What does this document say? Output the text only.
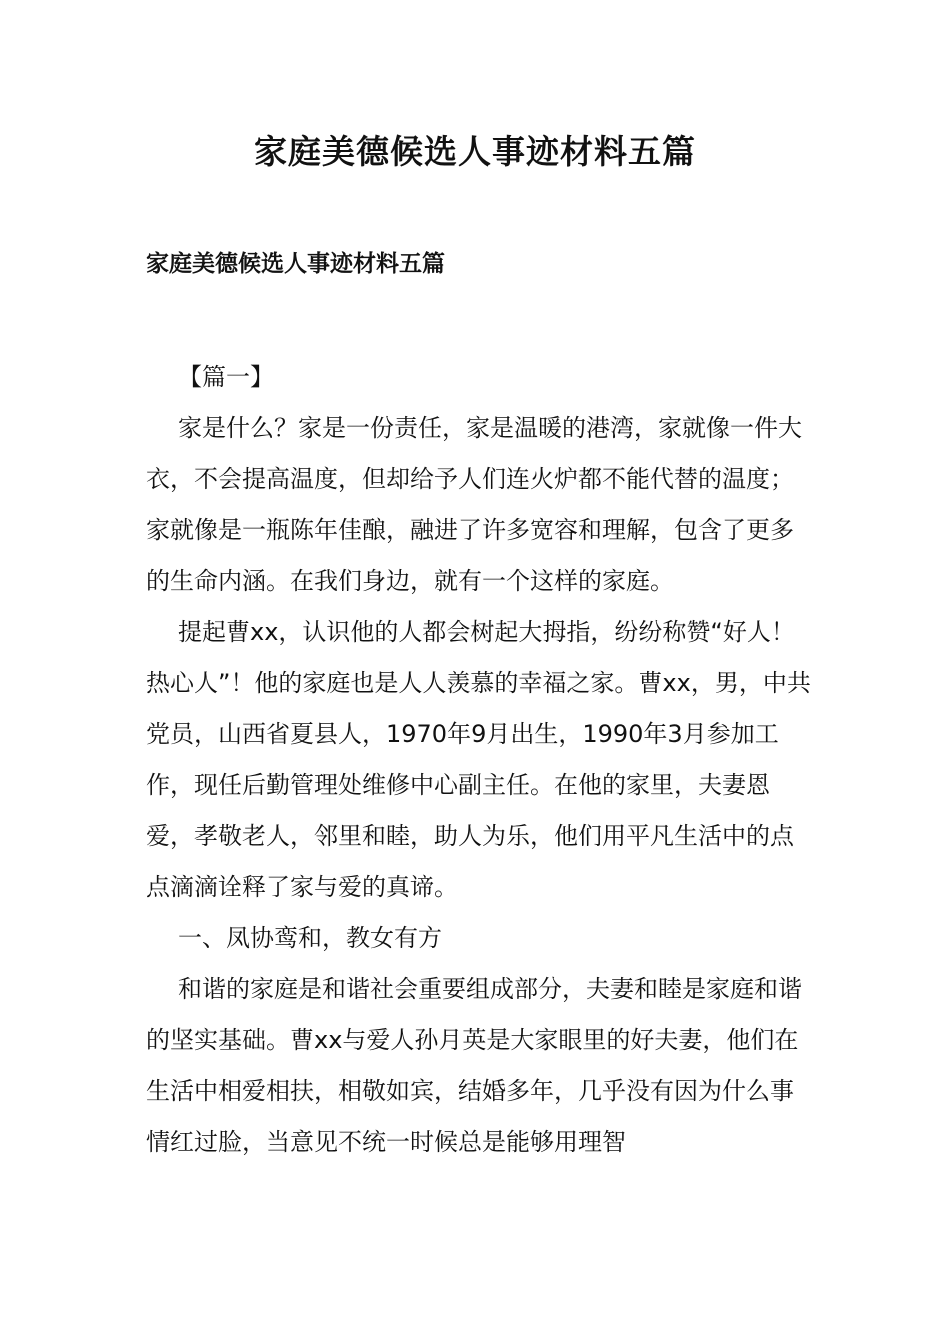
家庭美德候选人事迹材料五篇
家庭美德候选人事迹材料五篇

【篇一】

家是什么？家是一份责任，家是温暖的港湾，家就像一件大衣，不会提高温度，但却给予人们连火炉都不能代替的温度；家就像是一瓶陈年佳酿，融进了许多宽容和理解，包含了更多的生命内涵。在我们身边，就有一个这样的家庭。

提起曹xx，认识他的人都会树起大拇指，纷纷称赞“好人！热心人”！他的家庭也是人人羡慕的幸福之家。曹xx，男，中共党员，山西省夏县人，1970年9月出生，1990年3月参加工作，现任后勤管理处维修中心副主任。在他的家里，夫妻恩爱，孝敬老人，邻里和睦，助人为乐，他们用平凡生活中的点点滴滴诠释了家与爱的真谛。

一、凤协鸾和，教女有方

和谐的家庭是和谐社会重要组成部分，夫妻和睦是家庭和谐的坚实基础。曹xx与爱人孙月英是大家眼里的好夫妻，他们在生活中相爱相扶，相敬如宾，结婚多年，几乎没有因为什么事情红过脸，当意见不统一时候总是能够用理智
